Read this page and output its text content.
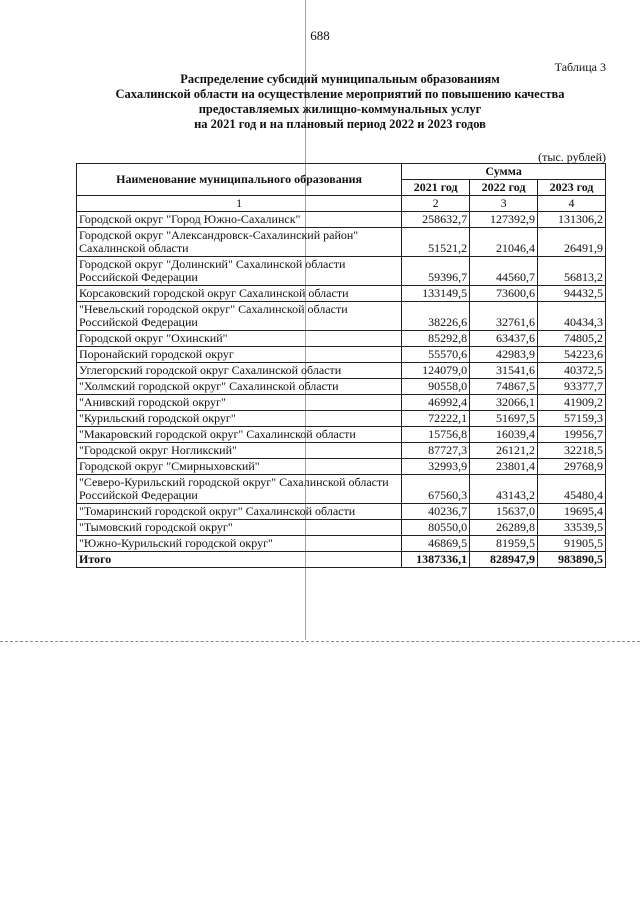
688
Таблица 3
Распределение субсидий муниципальным образованиям
Сахалинской области на осуществление мероприятий по повышению качества
предоставляемых жилищно-коммунальных услуг
на 2021 год и на плановый период 2022 и 2023 годов
(тыс. рублей)
Наименование муниципального образования	Сумма		
	2021 год	2022 год	2023 год
1	2	3	4
Городской округ "Город Южно-Сахалинск"	258632,7	127392,9	131306,2
Городской округ "Александровск-Сахалинский район" Сахалинской области	51521,2	21046,4	26491,9
Городской округ "Долинский" Сахалинской области Российской Федерации	59396,7	44560,7	56813,2
Корсаковский городской округ Сахалинской области	133149,5	73600,6	94432,5
"Невельский городской округ" Сахалинской области Российской Федерации	38226,6	32761,6	40434,3
Городской округ "Охинский"	85292,8	63437,6	74805,2
Поронайский городской округ	55570,6	42983,9	54223,6
Углегорский городской округ Сахалинской области	124079,0	31541,6	40372,5
"Холмский городской округ" Сахалинской области	90558,0	74867,5	93377,7
"Анивский городской округ"	46992,4	32066,1	41909,2
"Курильский городской округ"	72222,1	51697,5	57159,3
"Макаровский городской округ" Сахалинской области	15756,8	16039,4	19956,7
"Городской округ Ногликский"	87727,3	26121,2	32218,5
Городской округ "Смирныховский"	32993,9	23801,4	29768,9
"Северо-Курильский городской округ" Сахалинской области Российской Федерации	67560,3	43143,2	45480,4
"Томаринский городской округ" Сахалинской области	40236,7	15637,0	19695,4
"Тымовский городской округ"	80550,0	26289,8	33539,5
"Южно-Курильский городской округ"	46869,5	81959,5	91905,5
Итого	1387336,1	828947,9	983890,5
